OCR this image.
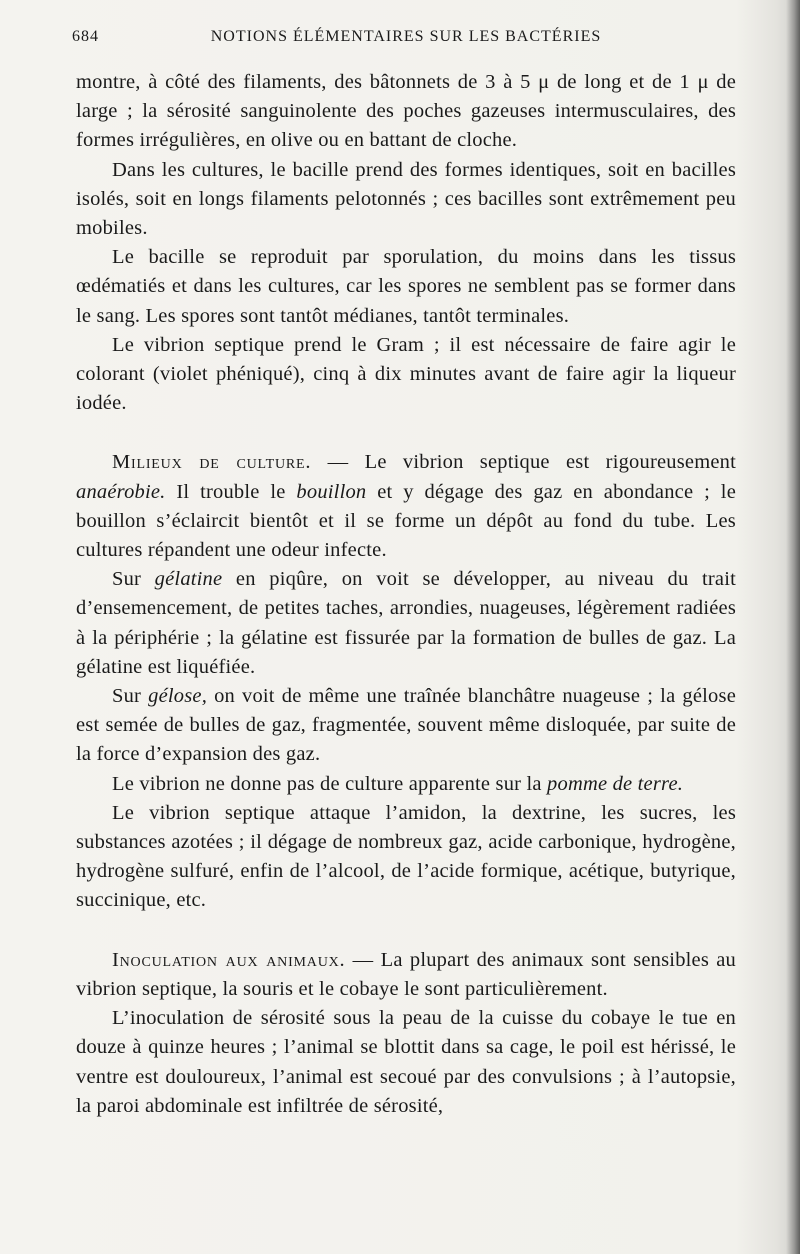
684	NOTIONS ÉLÉMENTAIRES SUR LES BACTÉRIES

montre, à côté des filaments, des bâtonnets de 3 à 5 μ de long et de 1 μ de large ; la sérosité sanguinolente des poches gazeuses intermusculaires, des formes irrégulières, en olive ou en battant de cloche.

Dans les cultures, le bacille prend des formes identiques, soit en bacilles isolés, soit en longs filaments pelotonnés ; ces bacilles sont extrêmement peu mobiles.

Le bacille se reproduit par sporulation, du moins dans les tissus œdématiés et dans les cultures, car les spores ne semblent pas se former dans le sang. Les spores sont tantôt médianes, tantôt terminales.

Le vibrion septique prend le Gram ; il est nécessaire de faire agir le colorant (violet phéniqué), cinq à dix minutes avant de faire agir la liqueur iodée.

Milieux de culture. — Le vibrion septique est rigoureusement anaérobie. Il trouble le bouillon et y dégage des gaz en abondance ; le bouillon s’éclaircit bientôt et il se forme un dépôt au fond du tube. Les cultures répandent une odeur infecte.

Sur gélatine en piqûre, on voit se développer, au niveau du trait d’ensemencement, de petites taches, arrondies, nuageuses, légèrement radiées à la périphérie ; la gélatine est fissurée par la formation de bulles de gaz. La gélatine est liquéfiée.

Sur gélose, on voit de même une traînée blanchâtre nuageuse ; la gélose est semée de bulles de gaz, fragmentée, souvent même disloquée, par suite de la force d’expansion des gaz.

Le vibrion ne donne pas de culture apparente sur la pomme de terre.

Le vibrion septique attaque l’amidon, la dextrine, les sucres, les substances azotées ; il dégage de nombreux gaz, acide carbonique, hydrogène, hydrogène sulfuré, enfin de l’alcool, de l’acide formique, acétique, butyrique, succinique, etc.

Inoculation aux animaux. — La plupart des animaux sont sensibles au vibrion septique, la souris et le cobaye le sont particulièrement.

L’inoculation de sérosité sous la peau de la cuisse du cobaye le tue en douze à quinze heures ; l’animal se blottit dans sa cage, le poil est hérissé, le ventre est douloureux, l’animal est secoué par des convulsions ; à l’autopsie, la paroi abdominale est infiltrée de sérosité,
